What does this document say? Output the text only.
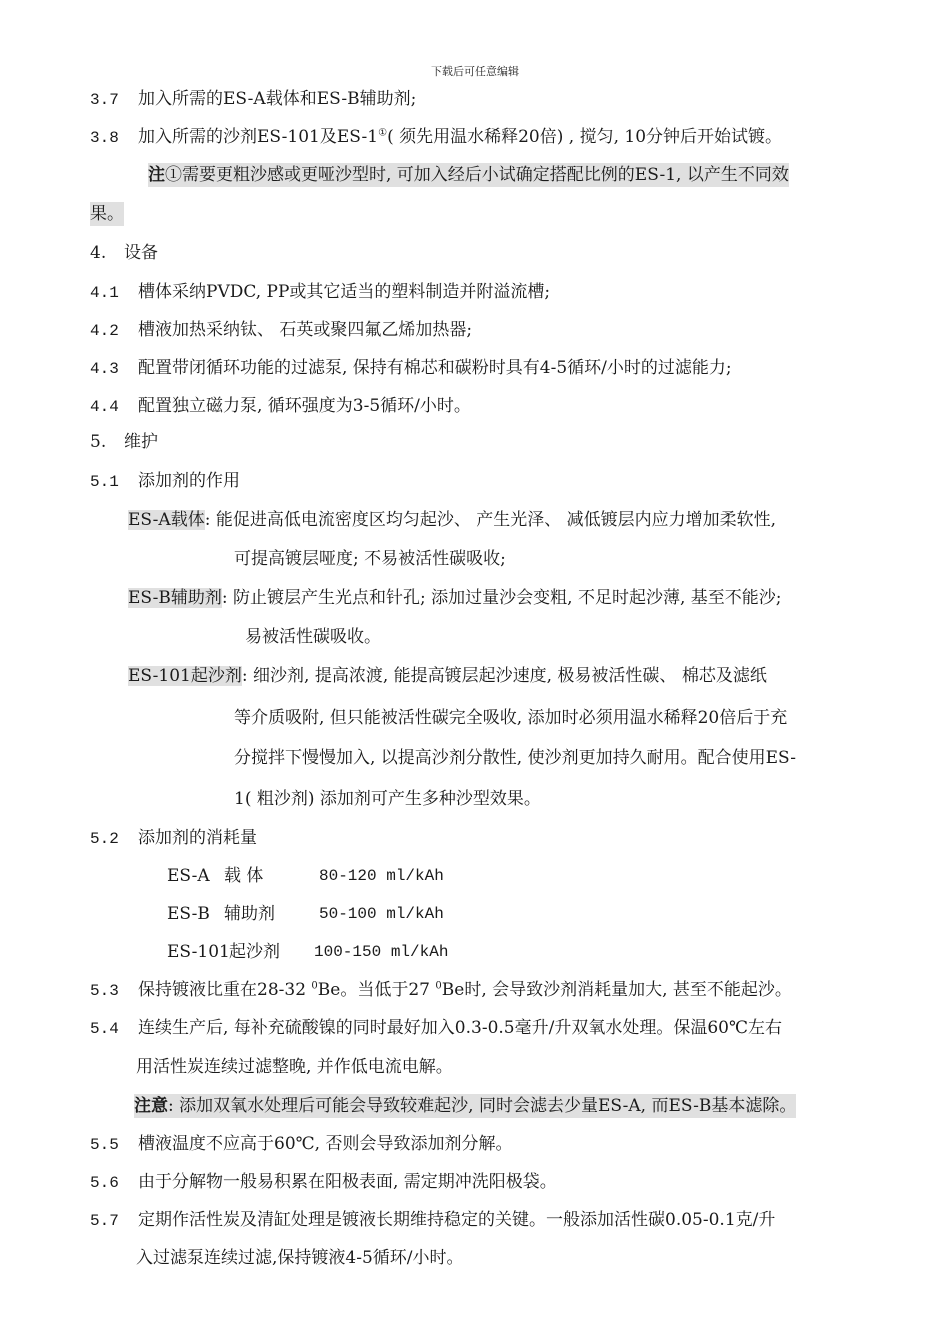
下载后可任意编辑
3.7 加入所需的ES-A载体和ES-B辅助剂;
3.8 加入所需的沙剂ES-101及ES-1①( 须先用温水稀释20倍) , 搅匀, 10分钟后开始试镀。
注①需要更粗沙感或更哑沙型时, 可加入经后小试确定搭配比例的ES-1, 以产生不同效
果。
4. 设备
4.1 槽体采纳PVDC, PP或其它适当的塑料制造并附溢流槽;
4.2 槽液加热采纳钛、 石英或聚四氟乙烯加热器;
4.3 配置带闭循环功能的过滤泵, 保持有棉芯和碳粉时具有4-5循环/小时的过滤能力;
4.4 配置独立磁力泵, 循环强度为3-5循环/小时。
5. 维护
5.1 添加剂的作用
ES-A载体: 能促进高低电流密度区均匀起沙、 产生光泽、 减低镀层内应力增加柔软性,
可提高镀层哑度; 不易被活性碳吸收;
ES-B辅助剂: 防止镀层产生光点和针孔; 添加过量沙会变粗, 不足时起沙薄, 基至不能沙;
易被活性碳吸收。
ES-101起沙剂: 细沙剂, 提高浓渡, 能提高镀层起沙速度, 极易被活性碳、 棉芯及滤纸
等介质吸附, 但只能被活性碳完全吸收, 添加时必须用温水稀释20倍后于充
分搅拌下慢慢加入, 以提高沙剂分散性, 使沙剂更加持久耐用。配合使用ES-
1( 粗沙剂) 添加剂可产生多种沙型效果。
5.2 添加剂的消耗量
ES-A 载 体	80-120 ml/kAh
ES-B 辅助剂	50-100 ml/kAh
ES-101 起沙剂 100-150 ml/kAh
5.3 保持镀液比重在28-32 $^0$Be。当低于27 $^0$Be时, 会导致沙剂消耗量加大, 甚至不能起沙。
5.4 连续生产后, 每补充硫酸镍的同时最好加入0.3-0.5毫升/升双氧水处理。保温60℃左右
用活性炭连续过滤整晚, 并作低电流电解。
注意: 添加双氧水处理后可能会导致较难起沙, 同时会滤去少量ES-A, 而ES-B基本滤除。
5.5 槽液温度不应高于60℃, 否则会导致添加剂分解。
5.6 由于分解物一般易积累在阳极表面, 需定期冲洗阳极袋。
5.7 定期作活性炭及清缸处理是镀液长期维持稳定的关键。一般添加活性碳0.05-0.1克/升
入过滤泵连续过滤,保持镀液4-5循环/小时。
